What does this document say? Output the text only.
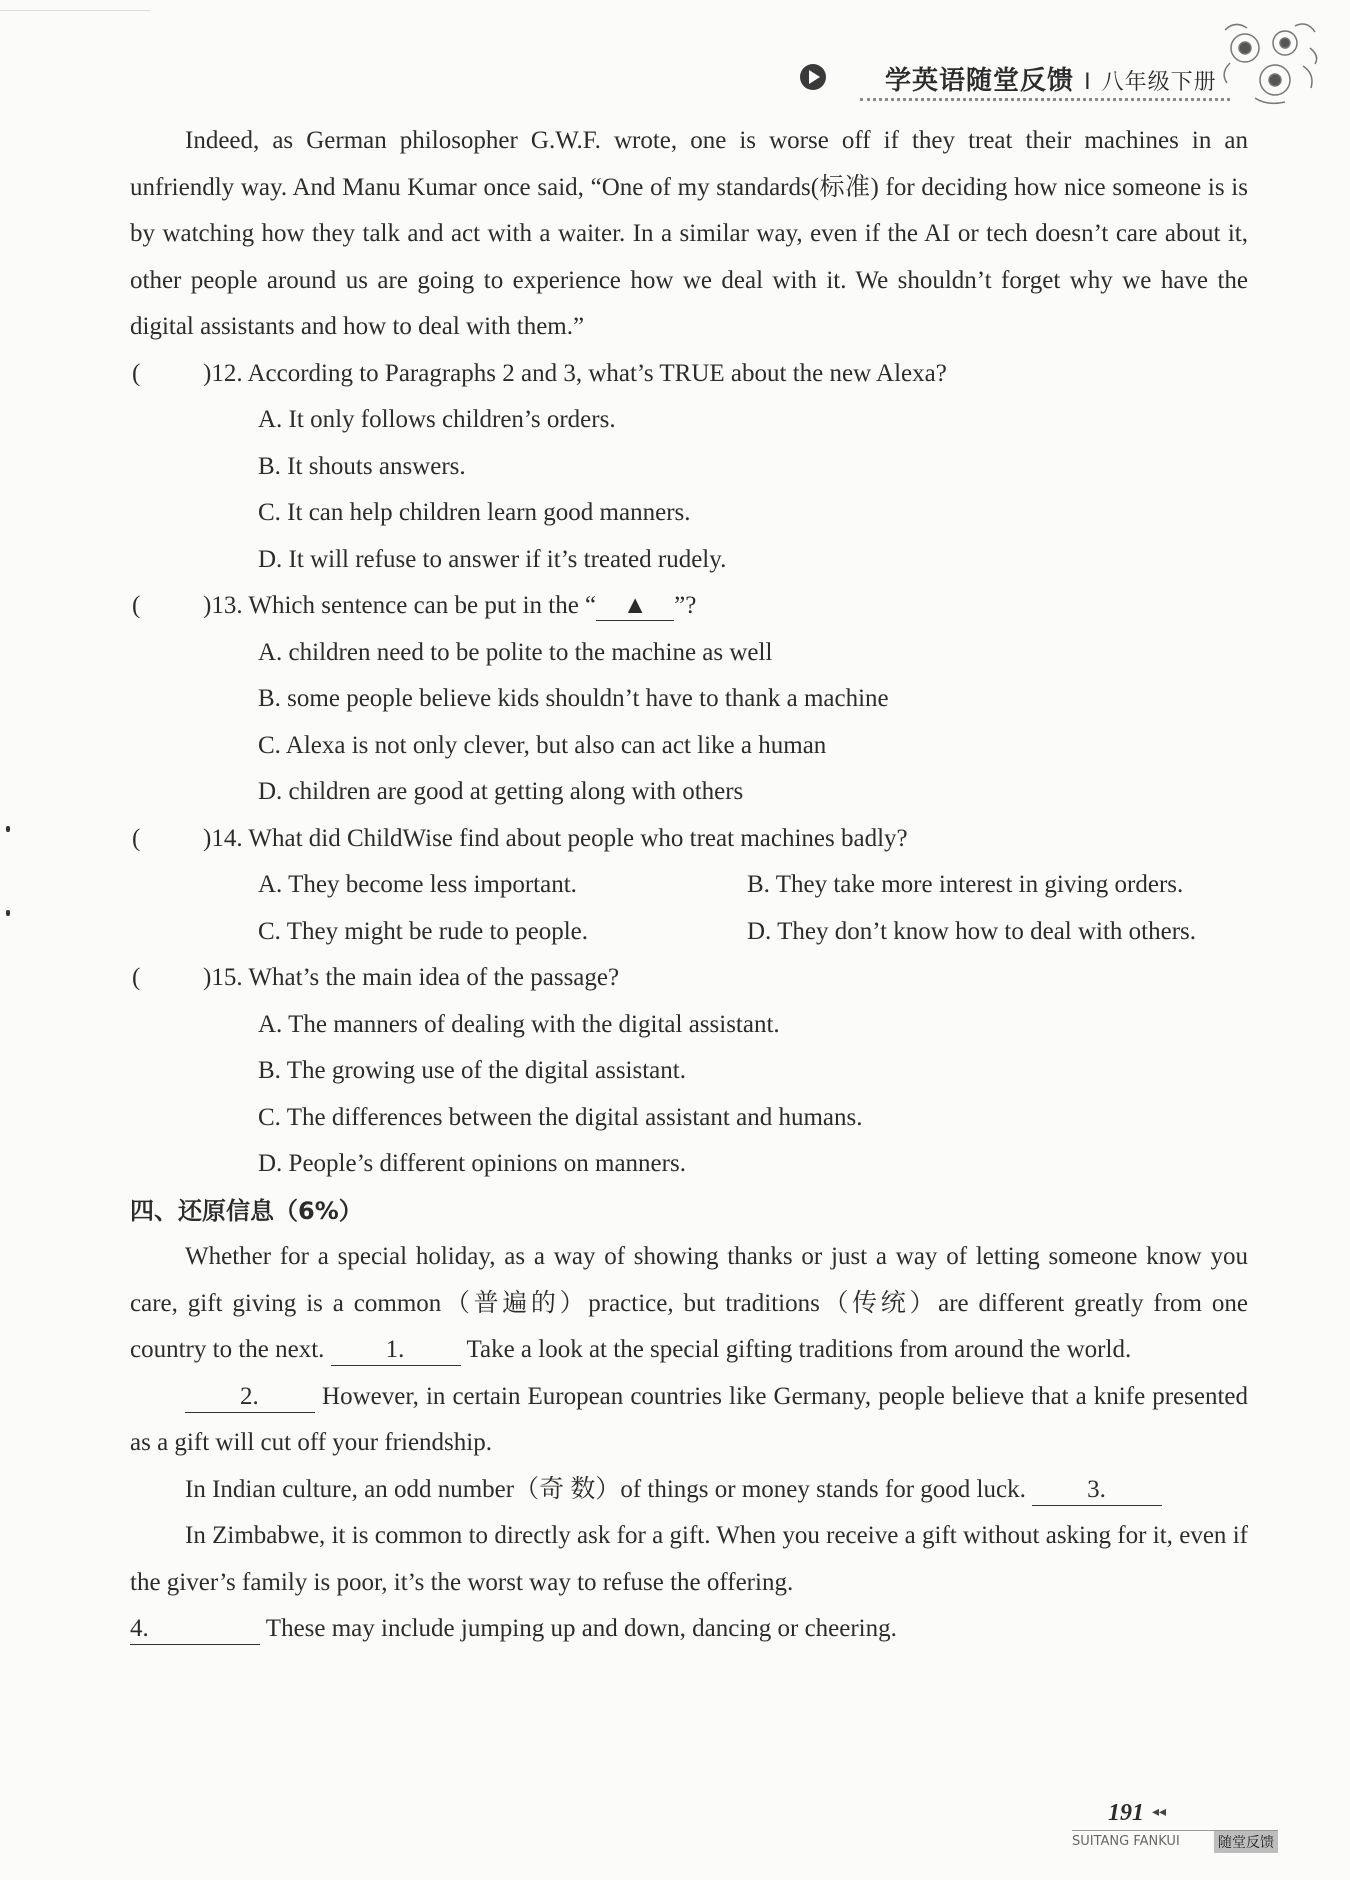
学英语随堂反馈 I 八年级下册

Indeed, as German philosopher G.W.F. wrote, one is worse off if they treat their machines in an unfriendly way. And Manu Kumar once said, “One of my standards(标准) for deciding how nice someone is is by watching how they talk and act with a waiter. In a similar way, even if the AI or tech doesn’t care about it, other people around us are going to experience how we deal with it. We shouldn’t forget why we have the digital assistants and how to deal with them.”

(	)12. According to Paragraphs 2 and 3, what’s TRUE about the new Alexa?
A. It only follows children’s orders.
B. It shouts answers.
C. It can help children learn good manners.
D. It will refuse to answer if it’s treated rudely.
(	)13. Which sentence can be put in the “ ▲ ”?
A. children need to be polite to the machine as well
B. some people believe kids shouldn’t have to thank a machine
C. Alexa is not only clever, but also can act like a human
D. children are good at getting along with others
(	)14. What did ChildWise find about people who treat machines badly?
A. They become less important.	B. They take more interest in giving orders.
C. They might be rude to people.	D. They don’t know how to deal with others.
(	)15. What’s the main idea of the passage?
A. The manners of dealing with the digital assistant.
B. The growing use of the digital assistant.
C. The differences between the digital assistant and humans.
D. People’s different opinions on manners.
四、还原信息（6%）

Whether for a special holiday, as a way of showing thanks or just a way of letting someone know you care, gift giving is a common（普遍的）practice, but traditions（传统）are different greatly from one country to the next. 1. Take a look at the special gifting traditions from around the world.

2. However, in certain European countries like Germany, people believe that a knife presented as a gift will cut off your friendship.

In Indian culture, an odd number（奇 数）of things or money stands for good luck. 3.

In Zimbabwe, it is common to directly ask for a gift. When you receive a gift without asking for it, even if the giver’s family is poor, it’s the worst way to refuse the offering.

4.	These may include jumping up and down, dancing or cheering.

191 ◂◂
SUITANG FANKUI	随堂反馈
